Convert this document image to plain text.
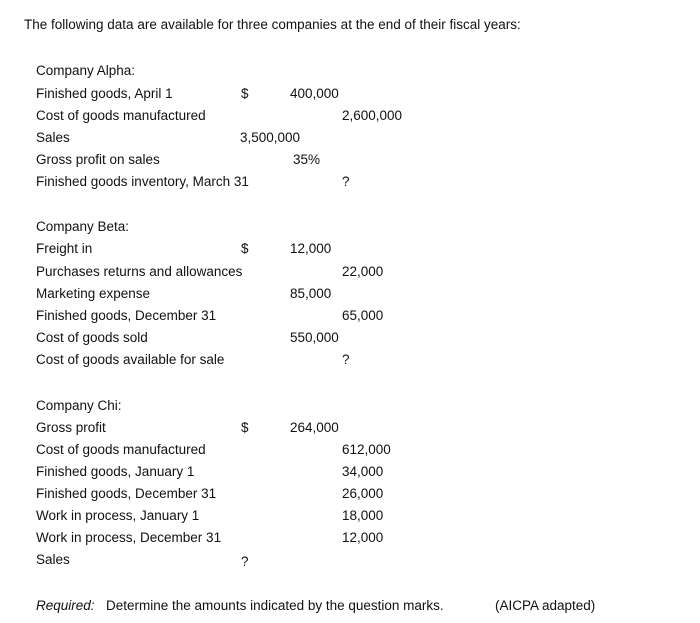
The following data are available for three companies at the end of their fiscal years:
Company Alpha:
Finished goods, April 1	$	400,000
Cost of goods manufactured	2,600,000
Sales	3,500,000
Gross profit on sales	35%
Finished goods inventory, March 31	?
Company Beta:
Freight in	$	12,000
Purchases returns and allowances	22,000
Marketing expense	85,000
Finished goods, December 31	65,000
Cost of goods sold	550,000
Cost of goods available for sale	?
Company Chi:
Gross profit	$	264,000
Cost of goods manufactured	612,000
Finished goods, January 1	34,000
Finished goods, December 31	26,000
Work in process, January 1	18,000
Work in process, December 31	12,000
Sales	?
Required: Determine the amounts indicated by the question marks.	(AICPA adapted)
